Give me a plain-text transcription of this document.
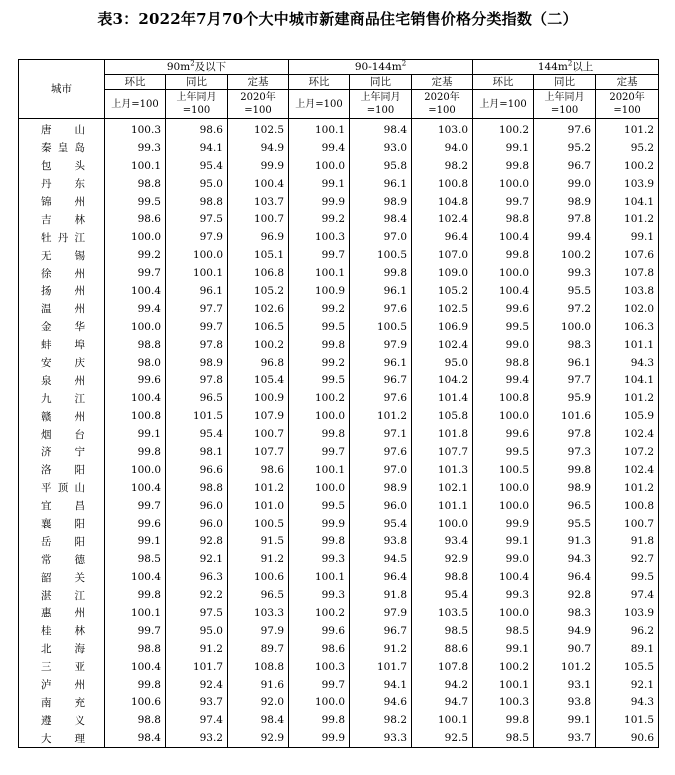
表3：2022年7月70个大中城市新建商品住宅销售价格分类指数（二）
城市	$90m^2$及以下			$90-144m^2$			$144m^2$以上		
	环比	同比	定基	环比	同比	定基	环比	同比	定基
	上月=100	上年同月=100	2020年=100	上月=100	上年同月=100	2020年=100	上月=100	上年同月=100	2020年=100
唐山	100.3	98.6	102.5	100.1	98.4	103.0	100.2	97.6	101.2
秦皇岛	99.3	94.1	94.9	99.4	93.0	94.0	99.1	95.2	95.2
包头	100.1	95.4	99.9	100.0	95.8	98.2	99.8	96.7	100.2
丹东	98.8	95.0	100.4	99.1	96.1	100.8	100.0	99.0	103.9
锦州	99.5	98.8	103.7	99.9	98.9	104.8	99.7	98.9	104.1
吉林	98.6	97.5	100.7	99.2	98.4	102.4	98.8	97.8	101.2
牡丹江	100.0	97.9	96.9	100.3	97.0	96.4	100.4	99.4	99.1
无锡	99.2	100.0	105.1	99.7	100.5	107.0	99.8	100.2	107.6
徐州	99.7	100.1	106.8	100.1	99.8	109.0	100.0	99.3	107.8
扬州	100.4	96.1	105.2	100.9	96.1	105.2	100.4	95.5	103.8
温州	99.4	97.7	102.6	99.2	97.6	102.5	99.6	97.2	102.0
金华	100.0	99.7	106.5	99.5	100.5	106.9	99.5	100.0	106.3
蚌埠	98.8	97.8	100.2	99.8	97.9	102.4	99.0	98.3	101.1
安庆	98.0	98.9	96.8	99.2	96.1	95.0	98.8	96.1	94.3
泉州	99.6	97.8	105.4	99.5	96.7	104.2	99.4	97.7	104.1
九江	100.4	96.5	100.9	100.2	97.6	101.4	100.8	95.9	101.2
赣州	100.8	101.5	107.9	100.0	101.2	105.8	100.0	101.6	105.9
烟台	99.1	95.4	100.7	99.8	97.1	101.8	99.6	97.8	102.4
济宁	99.8	98.1	107.7	99.7	97.6	107.7	99.5	97.3	107.2
洛阳	100.0	96.6	98.6	100.1	97.0	101.3	100.5	99.8	102.4
平顶山	100.4	98.8	101.2	100.0	98.9	102.1	100.0	98.9	101.2
宜昌	99.7	96.0	101.0	99.5	96.0	101.1	100.0	96.5	100.8
襄阳	99.6	96.0	100.5	99.9	95.4	100.0	99.9	95.5	100.7
岳阳	99.1	92.8	91.5	99.8	93.8	93.4	99.1	91.3	91.8
常德	98.5	92.1	91.2	99.3	94.5	92.9	99.0	94.3	92.7
韶关	100.4	96.3	100.6	100.1	96.4	98.8	100.4	96.4	99.5
湛江	99.8	92.2	96.5	99.3	91.8	95.4	99.3	92.8	97.4
惠州	100.1	97.5	103.3	100.2	97.9	103.5	100.0	98.3	103.9
桂林	99.7	95.0	97.9	99.6	96.7	98.5	98.5	94.9	96.2
北海	98.8	91.2	89.7	98.6	91.2	88.6	99.1	90.7	89.1
三亚	100.4	101.7	108.8	100.3	101.7	107.8	100.2	101.2	105.5
泸州	99.8	92.4	91.6	99.7	94.1	94.2	100.1	93.1	92.1
南充	100.6	93.7	92.0	100.0	94.6	94.7	100.3	93.8	94.3
遵义	98.8	97.4	98.4	99.8	98.2	100.1	99.8	99.1	101.5
大理	98.4	93.2	92.9	99.9	93.3	92.5	98.5	93.7	90.6
